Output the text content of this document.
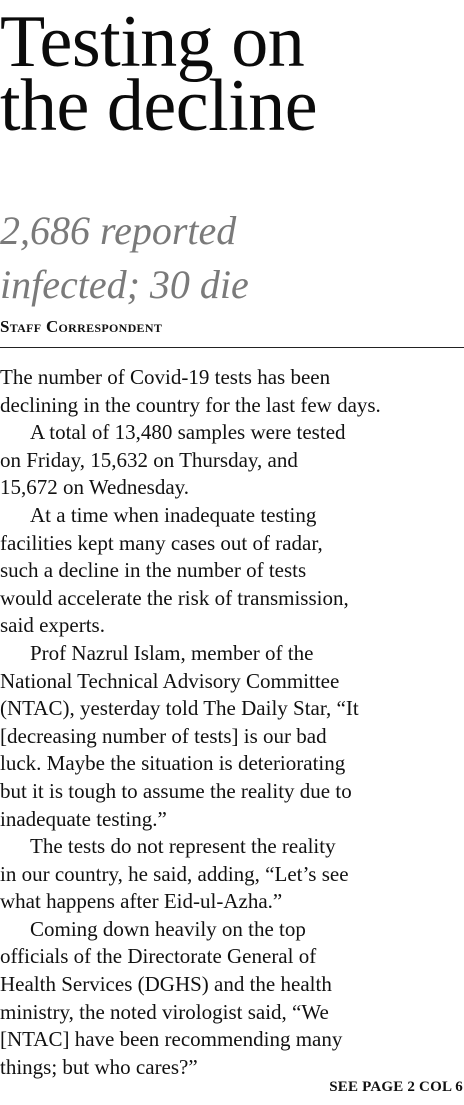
Testing on
the decline
2,686 reported
infected; 30 die
Staff Correspondent
The number of Covid-19 tests has been
declining in the country for the last few days.
A total of 13,480 samples were tested
on Friday, 15,632 on Thursday, and
15,672 on Wednesday.
At a time when inadequate testing
facilities kept many cases out of radar,
such a decline in the number of tests
would accelerate the risk of transmission,
said experts.
Prof Nazrul Islam, member of the
National Technical Advisory Committee
(NTAC), yesterday told The Daily Star, “It
[decreasing number of tests] is our bad
luck. Maybe the situation is deteriorating
but it is tough to assume the reality due to
inadequate testing.”
The tests do not represent the reality
in our country, he said, adding, “Let’s see
what happens after Eid-ul-Azha.”
Coming down heavily on the top
officials of the Directorate General of
Health Services (DGHS) and the health
ministry, the noted virologist said, “We
[NTAC] have been recommending many
things; but who cares?”
SEE PAGE 2 COL 6
